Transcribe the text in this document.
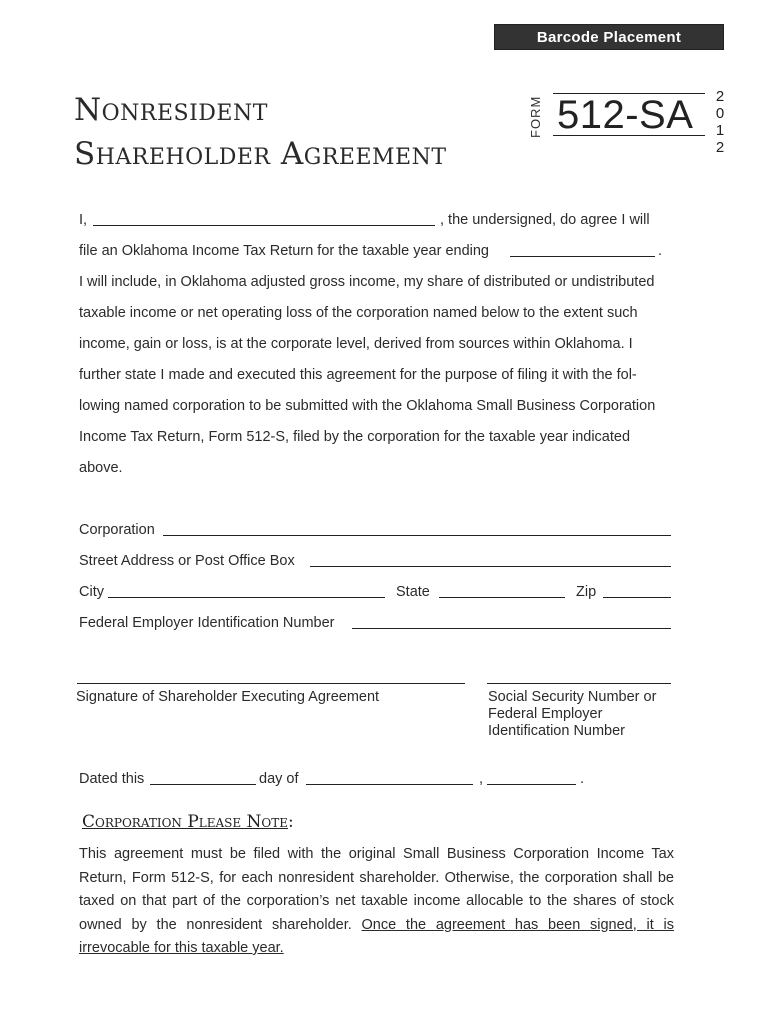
Barcode Placement
Nonresident
Shareholder Agreement
FORM 512-SA 2
0
1
2
I,	, the undersigned, do agree I will
file an Oklahoma Income Tax Return for the taxable year ending	.
I will include, in Oklahoma adjusted gross income, my share of distributed or undistributed
taxable income or net operating loss of the corporation named below to the extent such
income, gain or loss, is at the corporate level, derived from sources within Oklahoma. I
further state I made and executed this agreement for the purpose of filing it with the fol-
lowing named corporation to be submitted with the Oklahoma Small Business Corporation
Income Tax Return, Form 512-S, filed by the corporation for the taxable year indicated
above.
Corporation
Street Address or Post Office Box
City	State	Zip
Federal Employer Identification Number
Signature of Shareholder Executing Agreement	Social Security Number or
Federal Employer
Identification Number
Dated this	day of	,	.
Corporation Please Note:
This agreement must be filed with the original Small Business Corporation Income Tax Return, Form 512-S, for each nonresident shareholder. Otherwise, the corporation shall be taxed on that part of the corporation’s net taxable income allocable to the shares of stock owned by the nonresident shareholder. Once the agreement has been signed, it is irrevocable for this taxable year.
